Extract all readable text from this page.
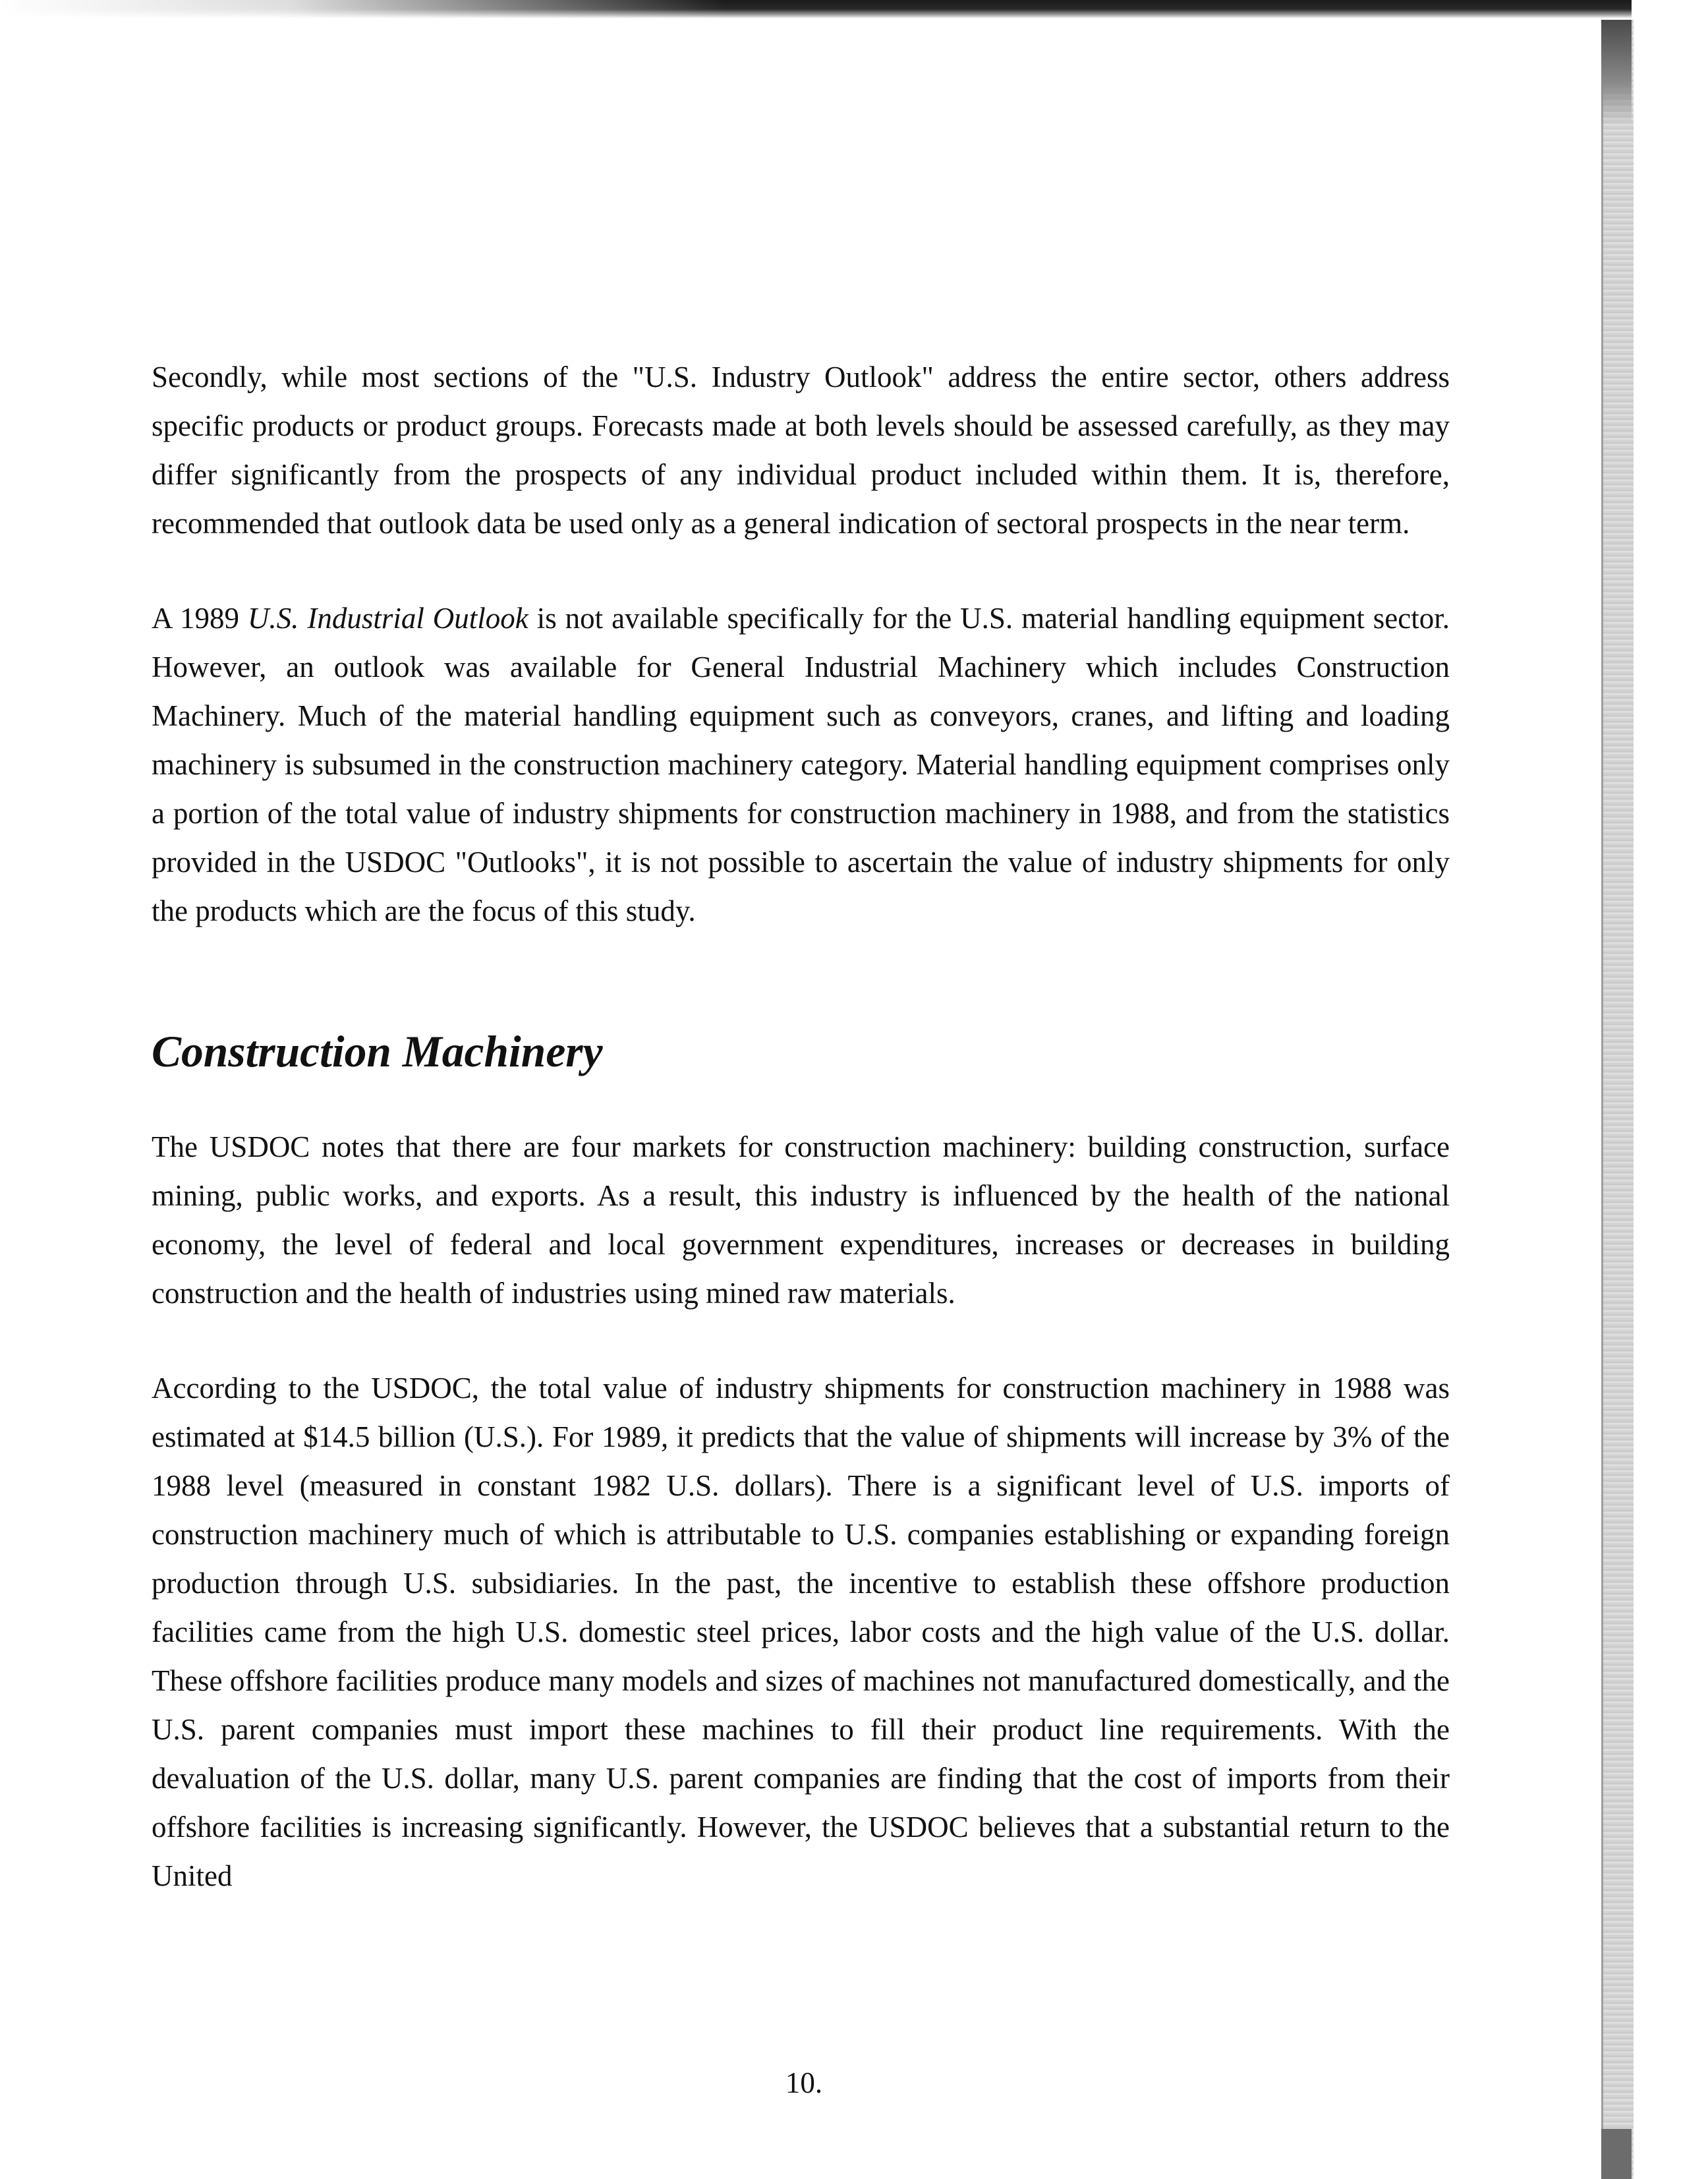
Secondly, while most sections of the "U.S. Industry Outlook" address the entire sector, others address specific products or product groups. Forecasts made at both levels should be assessed carefully, as they may differ significantly from the prospects of any individual product included within them. It is, therefore, recommended that outlook data be used only as a general indication of sectoral prospects in the near term.

A 1989 U.S. Industrial Outlook is not available specifically for the U.S. material handling equipment sector. However, an outlook was available for General Industrial Machinery which includes Construction Machinery. Much of the material handling equipment such as conveyors, cranes, and lifting and loading machinery is subsumed in the construction machinery category. Material handling equipment comprises only a portion of the total value of industry shipments for construction machinery in 1988, and from the statistics provided in the USDOC "Outlooks", it is not possible to ascertain the value of industry shipments for only the products which are the focus of this study.

Construction Machinery

The USDOC notes that there are four markets for construction machinery: building construction, surface mining, public works, and exports. As a result, this industry is influenced by the health of the national economy, the level of federal and local government expenditures, increases or decreases in building construction and the health of industries using mined raw materials.

According to the USDOC, the total value of industry shipments for construction machinery in 1988 was estimated at $14.5 billion (U.S.). For 1989, it predicts that the value of shipments will increase by 3% of the 1988 level (measured in constant 1982 U.S. dollars). There is a significant level of U.S. imports of construction machinery much of which is attributable to U.S. companies establishing or expanding foreign production through U.S. subsidiaries. In the past, the incentive to establish these offshore production facilities came from the high U.S. domestic steel prices, labor costs and the high value of the U.S. dollar. These offshore facilities produce many models and sizes of machines not manufactured domestically, and the U.S. parent companies must import these machines to fill their product line requirements. With the devaluation of the U.S. dollar, many U.S. parent companies are finding that the cost of imports from their offshore facilities is increasing significantly. However, the USDOC believes that a substantial return to the United

10.
